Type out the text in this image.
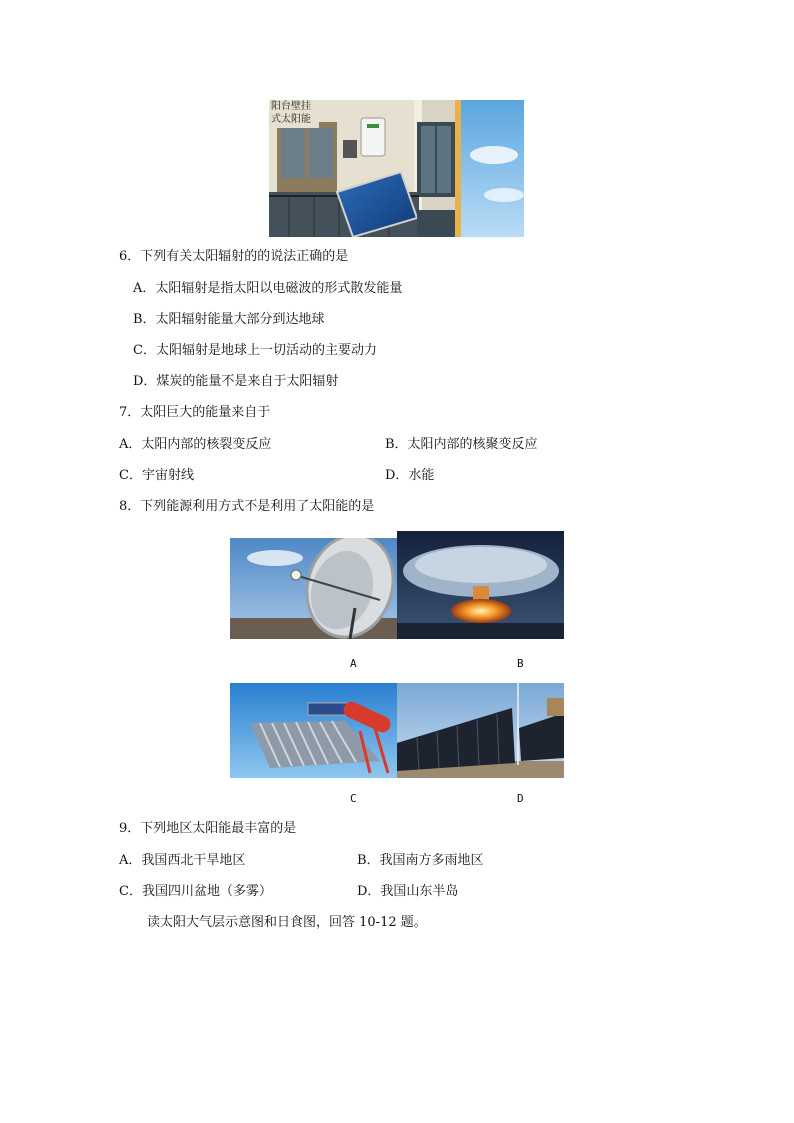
阳台壁挂
式太阳能
6．下列有关太阳辐射的的说法正确的是
A．太阳辐射是指太阳以电磁波的形式散发能量
B．太阳辐射能量大部分到达地球
C．太阳辐射是地球上一切活动的主要动力
D．煤炭的能量不是来自于太阳辐射
7．太阳巨大的能量来自于
A．太阳内部的核裂变反应	B．太阳内部的核聚变反应
C．宇宙射线	D．水能
8．下列能源利用方式不是利用了太阳能的是
A	B
C	D
9．下列地区太阳能最丰富的是
A．我国西北干旱地区	B．我国南方多雨地区
C．我国四川盆地（多雾）	D．我国山东半岛
读太阳大气层示意图和日食图，回答 10-12 题。
